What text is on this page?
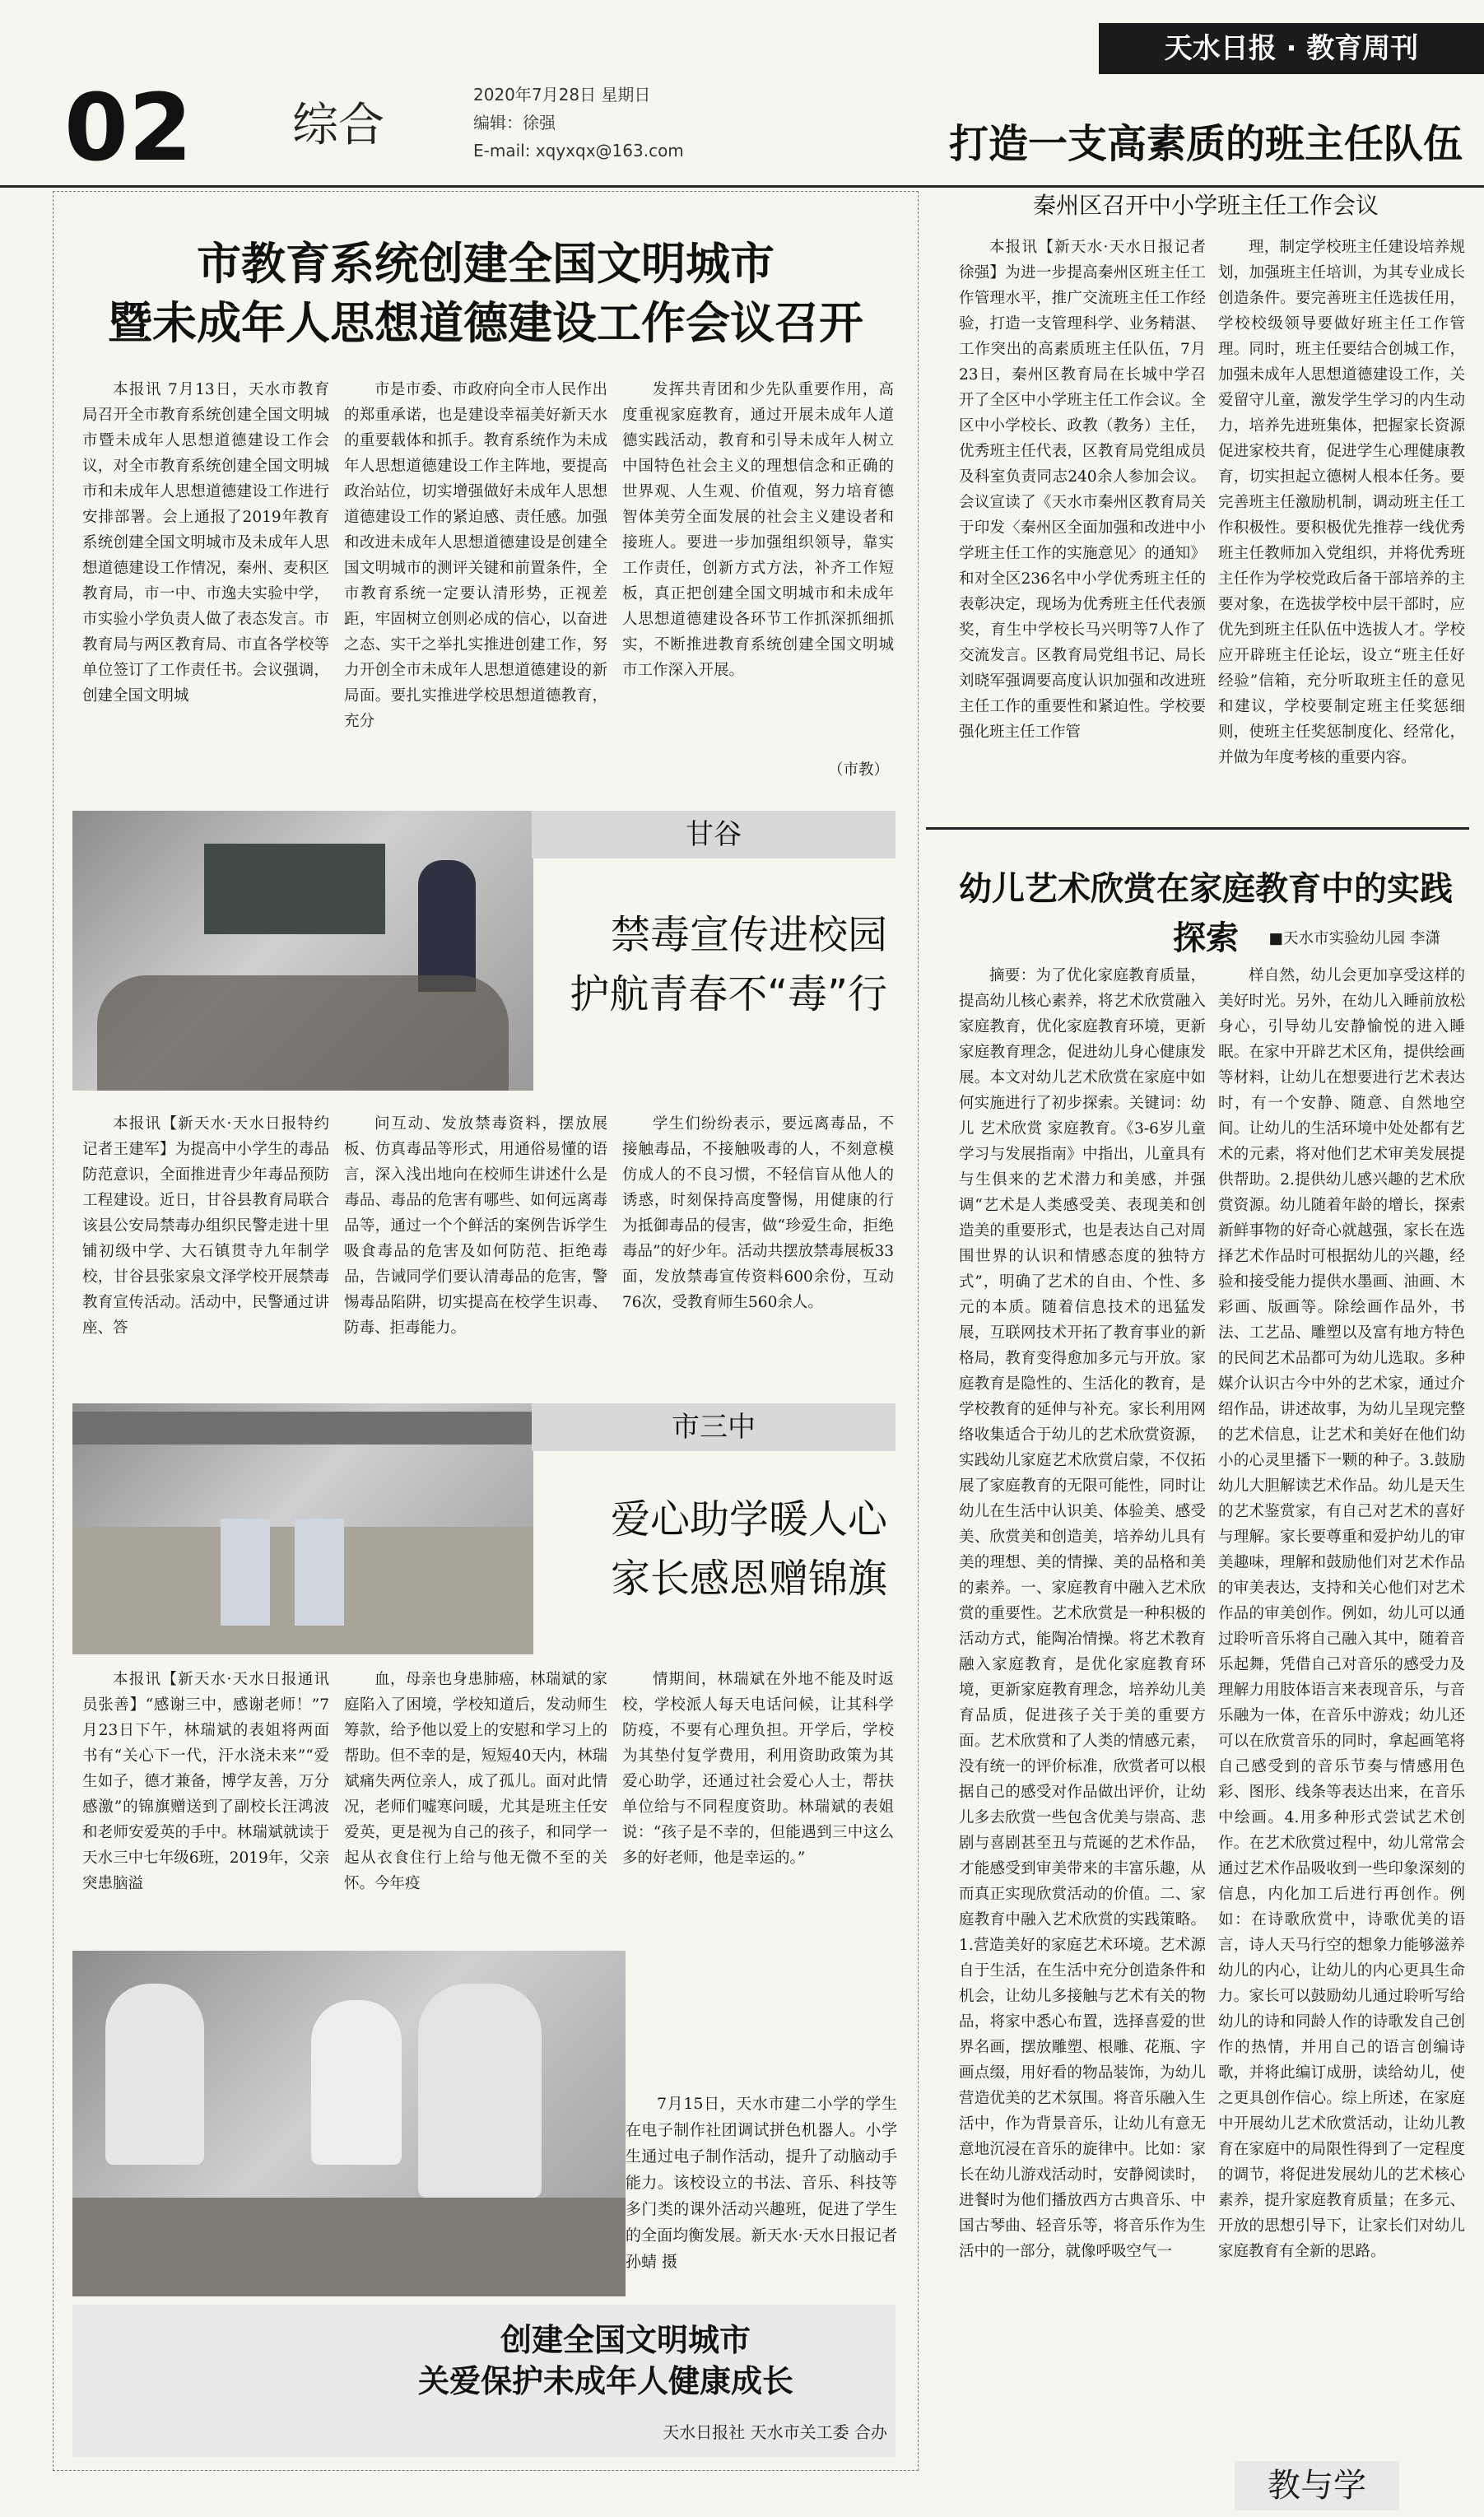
02 综合
2020年7月28日 星期日
编辑：徐强
E-mail: xqyxqx@163.com
天水日报 · 教育周刊
市教育系统创建全国文明城市
暨未成年人思想道德建设工作会议召开

本报讯 7月13日，天水市教育局召开全市教育系统创建全国文明城市暨未成年人思想道德建设工作会议，对全市教育系统创建全国文明城市和未成年人思想道德建设工作进行安排部署。会上通报了2019年教育系统创建全国文明城市及未成年人思想道德建设工作情况，秦州、麦积区教育局，市一中、市逸夫实验中学，市实验小学负责人做了表态发言。市教育局与两区教育局、市直各学校等单位签订了工作责任书。会议强调，创建全国文明城

市是市委、市政府向全市人民作出的郑重承诺，也是建设幸福美好新天水的重要载体和抓手。教育系统作为未成年人思想道德建设工作主阵地，要提高政治站位，切实增强做好未成年人思想道德建设工作的紧迫感、责任感。加强和改进未成年人思想道德建设是创建全国文明城市的测评关键和前置条件，全市教育系统一定要认清形势，正视差距，牢固树立创则必成的信心，以奋进之态、实干之举扎实推进创建工作，努力开创全市未成年人思想道德建设的新局面。要扎实推进学校思想道德教育，充分

发挥共青团和少先队重要作用，高度重视家庭教育，通过开展未成年人道德实践活动，教育和引导未成年人树立中国特色社会主义的理想信念和正确的世界观、人生观、价值观，努力培育德智体美劳全面发展的社会主义建设者和接班人。要进一步加强组织领导，靠实工作责任，创新方式方法，补齐工作短板，真正把创建全国文明城市和未成年人思想道德建设各环节工作抓深抓细抓实，不断推进教育系统创建全国文明城市工作深入开展。

（市教）
甘谷
禁毒宣传进校园
护航青春不“毒”行

本报讯【新天水·天水日报特约记者王建军】为提高中小学生的毒品防范意识，全面推进青少年毒品预防工程建设。近日，甘谷县教育局联合该县公安局禁毒办组织民警走进十里铺初级中学、大石镇贯寺九年制学校，甘谷县张家泉文泽学校开展禁毒教育宣传活动。活动中，民警通过讲座、答

问互动、发放禁毒资料，摆放展板、仿真毒品等形式，用通俗易懂的语言，深入浅出地向在校师生讲述什么是毒品、毒品的危害有哪些、如何远离毒品等，通过一个个鲜活的案例告诉学生吸食毒品的危害及如何防范、拒绝毒品，告诫同学们要认清毒品的危害，警惕毒品陷阱，切实提高在校学生识毒、防毒、拒毒能力。

学生们纷纷表示，要远离毒品，不接触毒品，不接触吸毒的人，不刻意模仿成人的不良习惯，不轻信盲从他人的诱惑，时刻保持高度警惕，用健康的行为抵御毒品的侵害，做“珍爱生命，拒绝毒品”的好少年。活动共摆放禁毒展板33面，发放禁毒宣传资料600余份，互动76次，受教育师生560余人。

市三中
爱心助学暖人心
家长感恩赠锦旗

本报讯【新天水·天水日报通讯员张善】“感谢三中，感谢老师！”7月23日下午，林瑞斌的表姐将两面书有“关心下一代，汗水浇未来”“爱生如子，德才兼备，博学友善，万分感激”的锦旗赠送到了副校长汪鸿波和老师安爱英的手中。林瑞斌就读于天水三中七年级6班，2019年，父亲突患脑溢

血，母亲也身患肺癌，林瑞斌的家庭陷入了困境，学校知道后，发动师生筹款，给予他以爱上的安慰和学习上的帮助。但不幸的是，短短40天内，林瑞斌痛失两位亲人，成了孤儿。面对此情况，老师们嘘寒问暖，尤其是班主任安爱英，更是视为自己的孩子，和同学一起从衣食住行上给与他无微不至的关怀。今年疫

情期间，林瑞斌在外地不能及时返校，学校派人每天电话问候，让其科学防疫，不要有心理负担。开学后，学校为其垫付复学费用，利用资助政策为其爱心助学，还通过社会爱心人士，帮扶单位给与不同程度资助。林瑞斌的表姐说：“孩子是不幸的，但能遇到三中这么多的好老师，他是幸运的。”

7月15日，天水市建二小学的学生在电子制作社团调试拼色机器人。小学生通过电子制作活动，提升了动脑动手能力。该校设立的书法、音乐、科技等多门类的课外活动兴趣班，促进了学生的全面均衡发展。新天水·天水日报记者孙蜻 摄
创建全国文明城市
关爱保护未成年人健康成长
天水日报社 天水市关工委 合办
打造一支高素质的班主任队伍
秦州区召开中小学班主任工作会议

本报讯【新天水·天水日报记者徐强】为进一步提高秦州区班主任工作管理水平，推广交流班主任工作经验，打造一支管理科学、业务精湛、工作突出的高素质班主任队伍，7月23日，秦州区教育局在长城中学召开了全区中小学班主任工作会议。全区中小学校长、政教（教务）主任，优秀班主任代表，区教育局党组成员及科室负责同志240余人参加会议。会议宣读了《天水市秦州区教育局关于印发〈秦州区全面加强和改进中小学班主任工作的实施意见〉的通知》和对全区236名中小学优秀班主任的表彰决定，现场为优秀班主任代表颁奖，育生中学校长马兴明等7人作了交流发言。区教育局党组书记、局长刘晓军强调要高度认识加强和改进班主任工作的重要性和紧迫性。学校要强化班主任工作管

理，制定学校班主任建设培养规划，加强班主任培训，为其专业成长创造条件。要完善班主任选拔任用，学校校级领导要做好班主任工作管理。同时，班主任要结合创城工作，加强未成年人思想道德建设工作，关爱留守儿童，激发学生学习的内生动力，培养先进班集体，把握家长资源促进家校共育，促进学生心理健康教育，切实担起立德树人根本任务。要完善班主任激励机制，调动班主任工作积极性。要积极优先推荐一线优秀班主任教师加入党组织，并将优秀班主任作为学校党政后备干部培养的主要对象，在选拔学校中层干部时，应优先到班主任队伍中选拔人才。学校应开辟班主任论坛，设立“班主任好经验”信箱，充分听取班主任的意见和建议，学校要制定班主任奖惩细则，使班主任奖惩制度化、经常化，并做为年度考核的重要内容。

幼儿艺术欣赏在家庭教育中的实践探索	■天水市实验幼儿园 李潇

摘要：为了优化家庭教育质量，提高幼儿核心素养，将艺术欣赏融入家庭教育，优化家庭教育环境，更新家庭教育理念，促进幼儿身心健康发展。本文对幼儿艺术欣赏在家庭中如何实施进行了初步探索。关键词：幼儿 艺术欣赏 家庭教育。《3-6岁儿童学习与发展指南》中指出，儿童具有与生俱来的艺术潜力和美感，并强调“艺术是人类感受美、表现美和创造美的重要形式，也是表达自己对周围世界的认识和情感态度的独特方式”，明确了艺术的自由、个性、多元的本质。随着信息技术的迅猛发展，互联网技术开拓了教育事业的新格局，教育变得愈加多元与开放。家庭教育是隐性的、生活化的教育，是学校教育的延伸与补充。家长利用网络收集适合于幼儿的艺术欣赏资源，实践幼儿家庭艺术欣赏启蒙，不仅拓展了家庭教育的无限可能性，同时让幼儿在生活中认识美、体验美、感受美、欣赏美和创造美，培养幼儿具有美的理想、美的情操、美的品格和美的素养。一、家庭教育中融入艺术欣赏的重要性。艺术欣赏是一种积极的活动方式，能陶冶情操。将艺术教育融入家庭教育，是优化家庭教育环境，更新家庭教育理念，培养幼儿美育品质，促进孩子关于美的重要方面。艺术欣赏和了人类的情感元素，没有统一的评价标准，欣赏者可以根据自己的感受对作品做出评价，让幼儿多去欣赏一些包含优美与崇高、悲剧与喜剧甚至丑与荒诞的艺术作品，才能感受到审美带来的丰富乐趣，从而真正实现欣赏活动的价值。二、家庭教育中融入艺术欣赏的实践策略。1.营造美好的家庭艺术环境。艺术源自于生活，在生活中充分创造条件和机会，让幼儿多接触与艺术有关的物品，将家中悉心布置，选择喜爱的世界名画，摆放雕塑、根雕、花瓶、字画点缀，用好看的物品装饰，为幼儿营造优美的艺术氛围。将音乐融入生活中，作为背景音乐，让幼儿有意无意地沉浸在音乐的旋律中。比如：家长在幼儿游戏活动时，安静阅读时，进餐时为他们播放西方古典音乐、中国古琴曲、轻音乐等，将音乐作为生活中的一部分，就像呼吸空气一

样自然，幼儿会更加享受这样的美好时光。另外，在幼儿入睡前放松身心，引导幼儿安静愉悦的进入睡眠。在家中开辟艺术区角，提供绘画等材料，让幼儿在想要进行艺术表达时，有一个安静、随意、自然地空间。让幼儿的生活环境中处处都有艺术的元素，将对他们艺术审美发展提供帮助。2.提供幼儿感兴趣的艺术欣赏资源。幼儿随着年龄的增长，探索新鲜事物的好奇心就越强，家长在选择艺术作品时可根据幼儿的兴趣，经验和接受能力提供水墨画、油画、木彩画、版画等。除绘画作品外，书法、工艺品、雕塑以及富有地方特色的民间艺术品都可为幼儿选取。多种媒介认识古今中外的艺术家，通过介绍作品，讲述故事，为幼儿呈现完整的艺术信息，让艺术和美好在他们幼小的心灵里播下一颗的种子。3.鼓励幼儿大胆解读艺术作品。幼儿是天生的艺术鉴赏家，有自己对艺术的喜好与理解。家长要尊重和爱护幼儿的审美趣味，理解和鼓励他们对艺术作品的审美表达，支持和关心他们对艺术作品的审美创作。例如，幼儿可以通过聆听音乐将自己融入其中，随着音乐起舞，凭借自己对音乐的感受力及理解力用肢体语言来表现音乐，与音乐融为一体，在音乐中游戏；幼儿还可以在欣赏音乐的同时，拿起画笔将自己感受到的音乐节奏与情感用色彩、图形、线条等表达出来，在音乐中绘画。4.用多种形式尝试艺术创作。在艺术欣赏过程中，幼儿常常会通过艺术作品吸收到一些印象深刻的信息，内化加工后进行再创作。例如：在诗歌欣赏中，诗歌优美的语言，诗人天马行空的想象力能够滋养幼儿的内心，让幼儿的内心更具生命力。家长可以鼓励幼儿通过聆听写给幼儿的诗和同龄人作的诗歌发自己创作的热情，并用自己的语言创编诗歌，并将此编订成册，读给幼儿，使之更具创作信心。综上所述，在家庭中开展幼儿艺术欣赏活动，让幼儿教育在家庭中的局限性得到了一定程度的调节，将促进发展幼儿的艺术核心素养，提升家庭教育质量；在多元、开放的思想引导下，让家长们对幼儿家庭教育有全新的思路。

教与学
